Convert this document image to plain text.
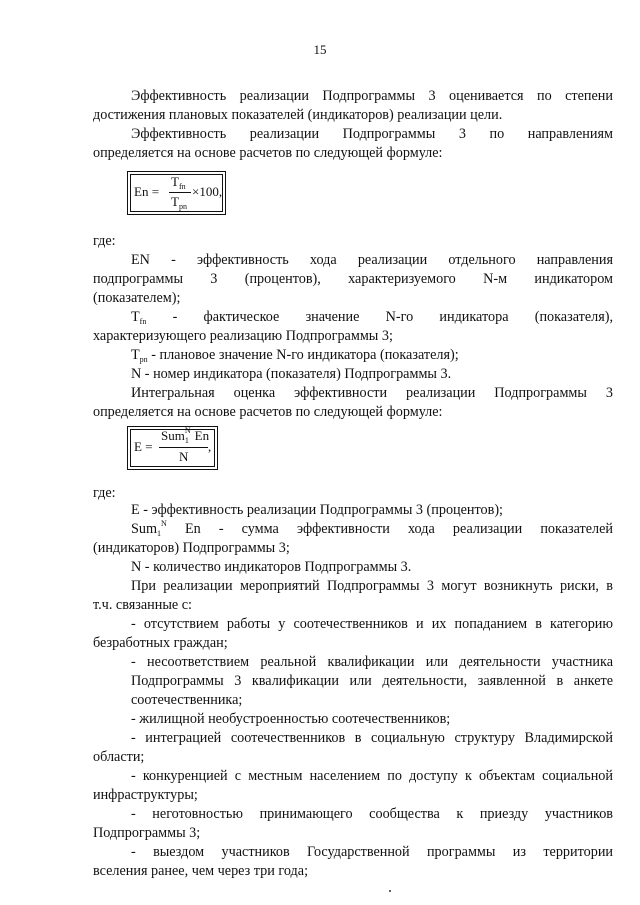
15
Эффективность реализации Подпрограммы 3 оценивается по степени
достижения плановых показателей (индикаторов) реализации цели.
Эффективность реализации Подпрограммы 3 по направлениям
определяется на основе расчетов по следующей формуле:
En =
$T_{fn}$
$T_{pn}$
×100,
где:
EN - эффективность хода реализации отдельного направления
подпрограммы 3 (процентов), характеризуемого N-м индикатором
(показателем);
$T_{fn}$ - фактическое значение N-го индикатора (показателя),
характеризующего реализацию Подпрограммы 3;
$T_{pn}$ - плановое значение N-го индикатора (показателя);
N - номер индикатора (показателя) Подпрограммы 3.
Интегральная оценка эффективности реализации Подпрограммы 3
определяется на основе расчетов по следующей формуле:
E =
Sum$_1^N$ En
N
,
где:
E - эффективность реализации Подпрограммы 3 (процентов);
Sum$_1^N$ En - сумма эффективности хода реализации показателей
(индикаторов) Подпрограммы 3;
N - количество индикаторов Подпрограммы 3.
При реализации мероприятий Подпрограммы 3 могут возникнуть риски, в
т.ч. связанные с:
- отсутствием работы у соотечественников и их попаданием в категорию
безработных граждан;
- несоответствием реальной квалификации или деятельности участника
Подпрограммы 3 квалификации или деятельности, заявленной в анкете
соотечественника;
- жилищной необустроенностью соотечественников;
- интеграцией соотечественников в социальную структуру Владимирской
области;
- конкуренцией с местным населением по доступу к объектам социальной
инфраструктуры;
- неготовностью принимающего сообщества к приезду участников
Подпрограммы 3;
- выездом участников Государственной программы из территории
вселения ранее, чем через три года;
